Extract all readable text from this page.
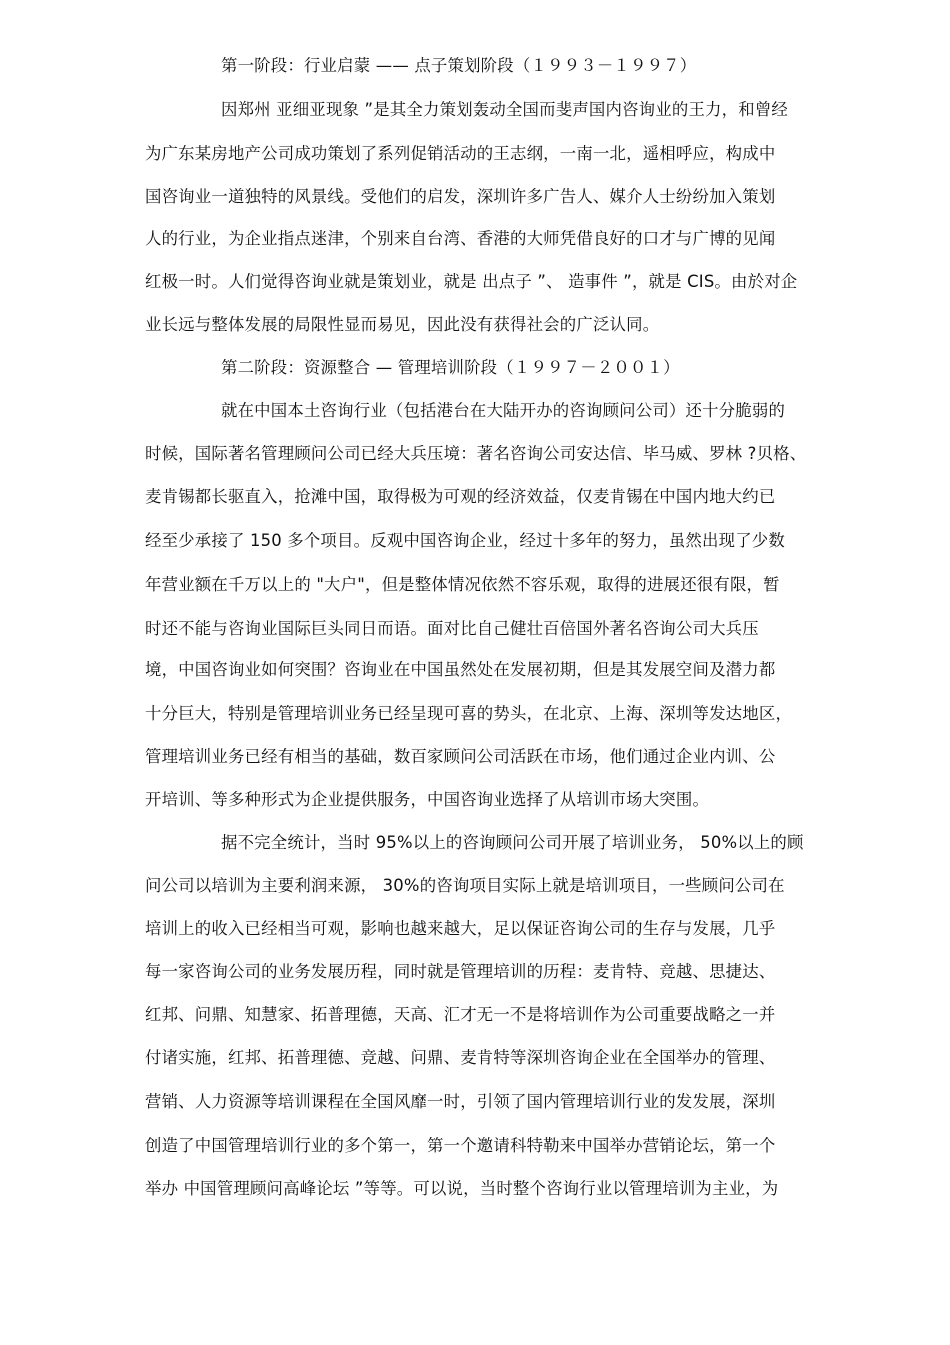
第一阶段：行业启蒙 —— 点子策划阶段（１９９３－１９９７）
因郑州 亚细亚现象 ”是其全力策划轰动全国而斐声国内咨询业的王力，和曾经
为广东某房地产公司成功策划了系列促销活动的王志纲，一南一北，遥相呼应，构成中
国咨询业一道独特的风景线。受他们的启发，深圳许多广告人、媒介人士纷纷加入策划
人的行业，为企业指点迷津，个别来自台湾、香港的大师凭借良好的口才与广博的见闻
红极一时。人们觉得咨询业就是策划业，就是 出点子 ”、 造事件 ”，就是 CIS。由於对企
业长远与整体发展的局限性显而易见，因此没有获得社会的广泛认同。
第二阶段：资源整合 — 管理培训阶段（１９９７－２００１）
就在中国本土咨询行业（包括港台在大陆开办的咨询顾问公司）还十分脆弱的
时候，国际著名管理顾问公司已经大兵压境：著名咨询公司安达信、毕马威、罗林 ?贝格、
麦肯锡都长驱直入，抢滩中国，取得极为可观的经济效益，仅麦肯锡在中国内地大约已
经至少承接了 150 多个项目。反观中国咨询企业，经过十多年的努力，虽然出现了少数
年营业额在千万以上的 "大户"，但是整体情况依然不容乐观，取得的进展还很有限，暂
时还不能与咨询业国际巨头同日而语。面对比自己健壮百倍国外著名咨询公司大兵压
境，中国咨询业如何突围？咨询业在中国虽然处在发展初期，但是其发展空间及潜力都
十分巨大，特别是管理培训业务已经呈现可喜的势头，在北京、上海、深圳等发达地区，
管理培训业务已经有相当的基础，数百家顾问公司活跃在市场，他们通过企业内训、公
开培训、等多种形式为企业提供服务，中国咨询业选择了从培训市场大突围。
据不完全统计，当时 95%以上的咨询顾问公司开展了培训业务， 50%以上的顾
问公司以培训为主要利润来源， 30%的咨询项目实际上就是培训项目，一些顾问公司在
培训上的收入已经相当可观，影响也越来越大，足以保证咨询公司的生存与发展，几乎
每一家咨询公司的业务发展历程，同时就是管理培训的历程：麦肯特、竞越、思捷达、
红邦、问鼎、知慧家、拓普理德，天高、汇才无一不是将培训作为公司重要战略之一并
付诸实施，红邦、拓普理德、竞越、问鼎、麦肯特等深圳咨询企业在全国举办的管理、
营销、人力资源等培训课程在全国风靡一时，引领了国内管理培训行业的发发展，深圳
创造了中国管理培训行业的多个第一，第一个邀请科特勒来中国举办营销论坛，第一个
举办 中国管理顾问高峰论坛 ”等等。可以说，当时整个咨询行业以管理培训为主业，为
